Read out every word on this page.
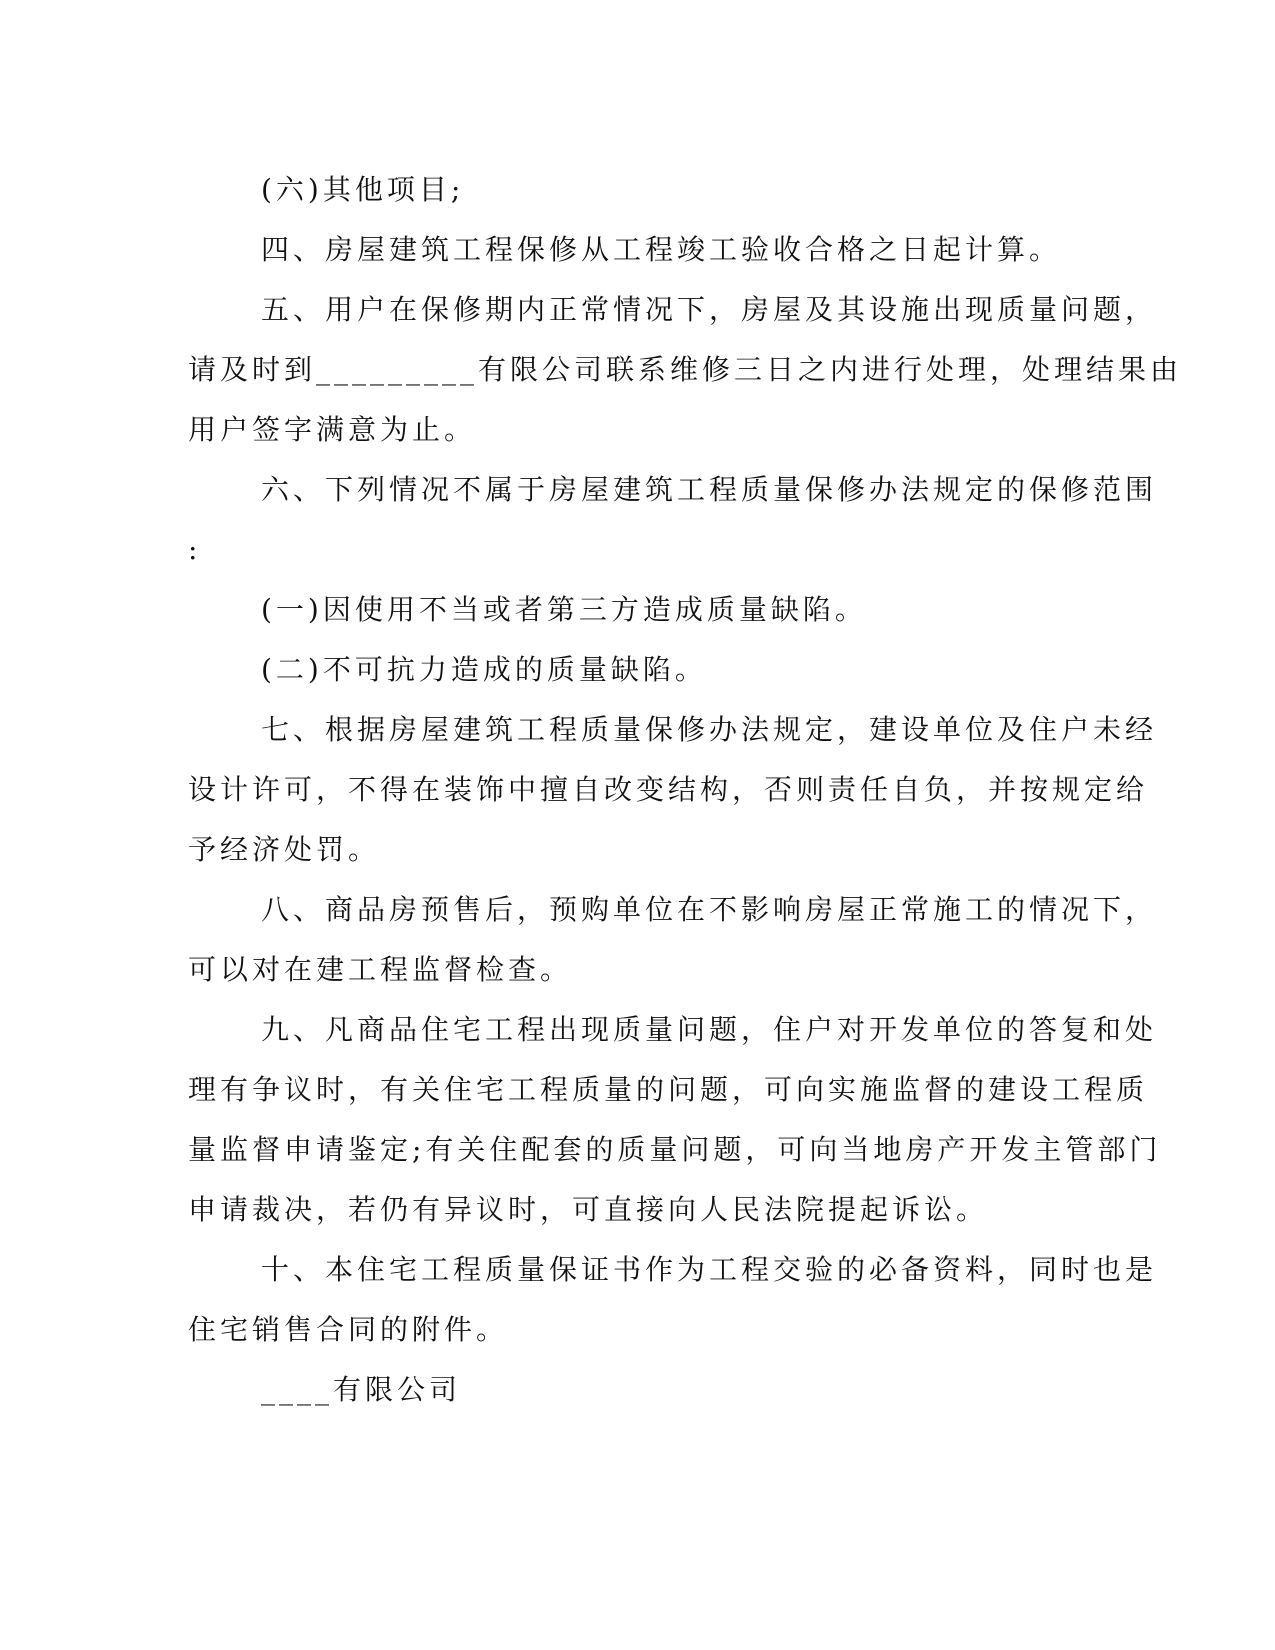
(六)其他项目;
四、房屋建筑工程保修从工程竣工验收合格之日起计算。
五、用户在保修期内正常情况下，房屋及其设施出现质量问题，
请及时到_________有限公司联系维修三日之内进行处理，处理结果由
用户签字满意为止。
六、下列情况不属于房屋建筑工程质量保修办法规定的保修范围
:
(一)因使用不当或者第三方造成质量缺陷。
(二)不可抗力造成的质量缺陷。
七、根据房屋建筑工程质量保修办法规定，建设单位及住户未经
设计许可，不得在装饰中擅自改变结构，否则责任自负，并按规定给
予经济处罚。
八、商品房预售后，预购单位在不影响房屋正常施工的情况下，
可以对在建工程监督检查。
九、凡商品住宅工程出现质量问题，住户对开发单位的答复和处
理有争议时，有关住宅工程质量的问题，可向实施监督的建设工程质
量监督申请鉴定;有关住配套的质量问题，可向当地房产开发主管部门
申请裁决，若仍有异议时，可直接向人民法院提起诉讼。
十、本住宅工程质量保证书作为工程交验的必备资料，同时也是
住宅销售合同的附件。
____有限公司
